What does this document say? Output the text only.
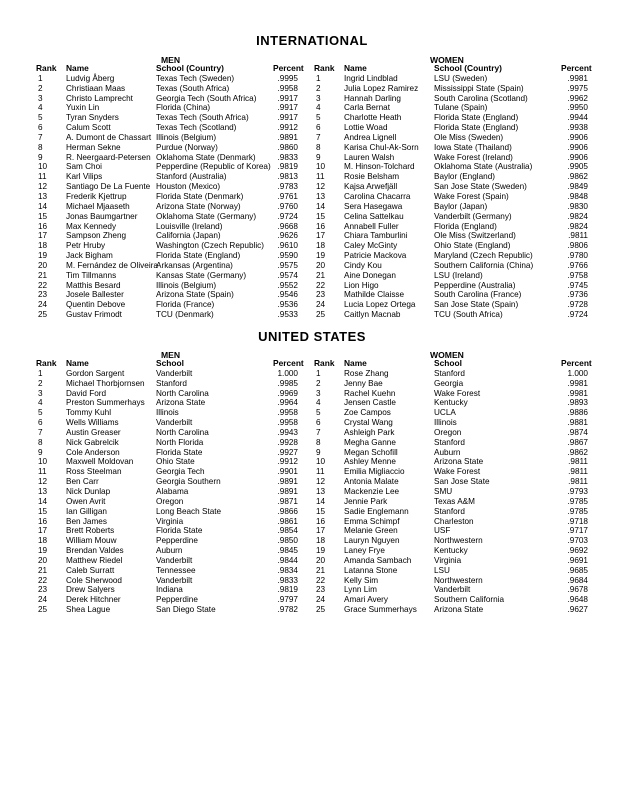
INTERNATIONAL
MEN	WOMEN
Rank	Name	School (Country)	Percent
1	Ludvig Åberg	Texas Tech (Sweden)	.9995
2	Christiaan Maas	Texas (South Africa)	.9958
3	Christo Lamprecht	Georgia Tech (South Africa)	.9917
4	Yuxin Lin	Florida (China)	.9917
5	Tyran Snyders	Texas Tech (South Africa)	.9917
6	Calum Scott	Texas Tech (Scotland)	.9912
7	A. Dumont de Chassart	Illinois (Belgium)	.9891
8	Herman Sekne	Purdue (Norway)	.9860
9	R. Neergaard-Petersen	Oklahoma State (Denmark)	.9833
10	Sam Choi	Pepperdine (Republic of Korea)	.9819
11	Karl Vilips	Stanford (Australia)	.9813
12	Santiago De La Fuente	Houston (Mexico)	.9783
13	Frederik Kjettrup	Florida State (Denmark)	.9761
14	Michael Mjaaseth	Arizona State (Norway)	.9760
15	Jonas Baumgartner	Oklahoma State (Germany)	.9724
16	Max Kennedy	Louisville (Ireland)	.9668
17	Sampson Zheng	California (Japan)	.9626
18	Petr Hruby	Washington (Czech Republic)	.9610
19	Jack Bigham	Florida State (England)	.9590
20	M. Fernández de Oliveira	Arkansas (Argentina)	.9575
21	Tim Tillmanns	Kansas State (Germany)	.9574
22	Matthis Besard	Illinois (Belgium)	.9552
23	Josele Ballester	Arizona State (Spain)	.9546
24	Quentin Debove	Florida (France)	.9536
25	Gustav Frimodt	TCU (Denmark)	.9533
Rank	Name	School (Country)	Percent
1	Ingrid Lindblad	LSU (Sweden)	.9981
2	Julia Lopez Ramirez	Mississippi State (Spain)	.9975
3	Hannah Darling	South Carolina (Scotland)	.9962
4	Carla Bernat	Tulane (Spain)	.9950
5	Charlotte Heath	Florida State (England)	.9944
6	Lottie Woad	Florida State (England)	.9938
7	Andrea Lignell	Ole Miss (Sweden)	.9906
8	Karisa Chul-Ak-Sorn	Iowa State (Thailand)	.9906
9	Lauren Walsh	Wake Forest (Ireland)	.9906
10	M. Hinson-Tolchard	Oklahoma State (Australia)	.9905
11	Rosie Belsham	Baylor (England)	.9862
12	Kajsa Arwefjäll	San Jose State (Sweden)	.9849
13	Carolina Chacarra	Wake Forest (Spain)	.9848
14	Sera Hasegawa	Baylor (Japan)	.9830
15	Celina Sattelkau	Vanderbilt (Germany)	.9824
16	Annabell Fuller	Florida (England)	.9824
17	Chiara Tamburlini	Ole Miss (Switzerland)	.9811
18	Caley McGinty	Ohio State (England)	.9806
19	Patricie Mackova	Maryland (Czech Republic)	.9780
20	Cindy Kou	Southern California (China)	.9766
21	Aine Donegan	LSU (Ireland)	.9758
22	Lion Higo	Pepperdine (Australia)	.9745
23	Mathilde Claisse	South Carolina (France)	.9736
24	Lucia Lopez Ortega	San Jose State (Spain)	.9728
25	Caitlyn Macnab	TCU (South Africa)	.9724
UNITED STATES
MEN	WOMEN
Rank	Name	School	Percent
1	Gordon Sargent	Vanderbilt	1.000
2	Michael Thorbjornsen	Stanford	.9985
3	David Ford	North Carolina	.9969
4	Preston Summerhays	Arizona State	.9964
5	Tommy Kuhl	Illinois	.9958
6	Wells Williams	Vanderbilt	.9958
7	Austin Greaser	North Carolina	.9943
8	Nick Gabrelcik	North Florida	.9928
9	Cole Anderson	Florida State	.9927
10	Maxwell Moldovan	Ohio State	.9912
11	Ross Steelman	Georgia Tech	.9901
12	Ben Carr	Georgia Southern	.9891
13	Nick Dunlap	Alabama	.9891
14	Owen Avrit	Oregon	.9871
15	Ian Gilligan	Long Beach State	.9866
16	Ben James	Virginia	.9861
17	Brett Roberts	Florida State	.9854
18	William Mouw	Pepperdine	.9850
19	Brendan Valdes	Auburn	.9845
20	Matthew Riedel	Vanderbilt	.9844
21	Caleb Surratt	Tennessee	.9834
22	Cole Sherwood	Vanderbilt	.9833
23	Drew Salyers	Indiana	.9819
24	Derek Hitchner	Pepperdine	.9797
25	Shea Lague	San Diego State	.9782
Rank	Name	School	Percent
1	Rose Zhang	Stanford	1.000
2	Jenny Bae	Georgia	.9981
3	Rachel Kuehn	Wake Forest	.9981
4	Jensen Castle	Kentucky	.9893
5	Zoe Campos	UCLA	.9886
6	Crystal Wang	Illinois	.9881
7	Ashleigh Park	Oregon	.9874
8	Megha Ganne	Stanford	.9867
9	Megan Schofill	Auburn	.9862
10	Ashley Menne	Arizona State	.9811
11	Emilia Migliaccio	Wake Forest	.9811
12	Antonia Malate	San Jose State	.9811
13	Mackenzie Lee	SMU	.9793
14	Jennie Park	Texas A&M	.9785
15	Sadie Englemann	Stanford	.9785
16	Emma Schimpf	Charleston	.9718
17	Melanie Green	USF	.9717
18	Lauryn Nguyen	Northwestern	.9703
19	Laney Frye	Kentucky	.9692
20	Amanda Sambach	Virginia	.9691
21	Latanna Stone	LSU	.9685
22	Kelly Sim	Northwestern	.9684
23	Lynn Lim	Vanderbilt	.9678
24	Amari Avery	Southern California	.9648
25	Grace Summerhays	Arizona State	.9627
